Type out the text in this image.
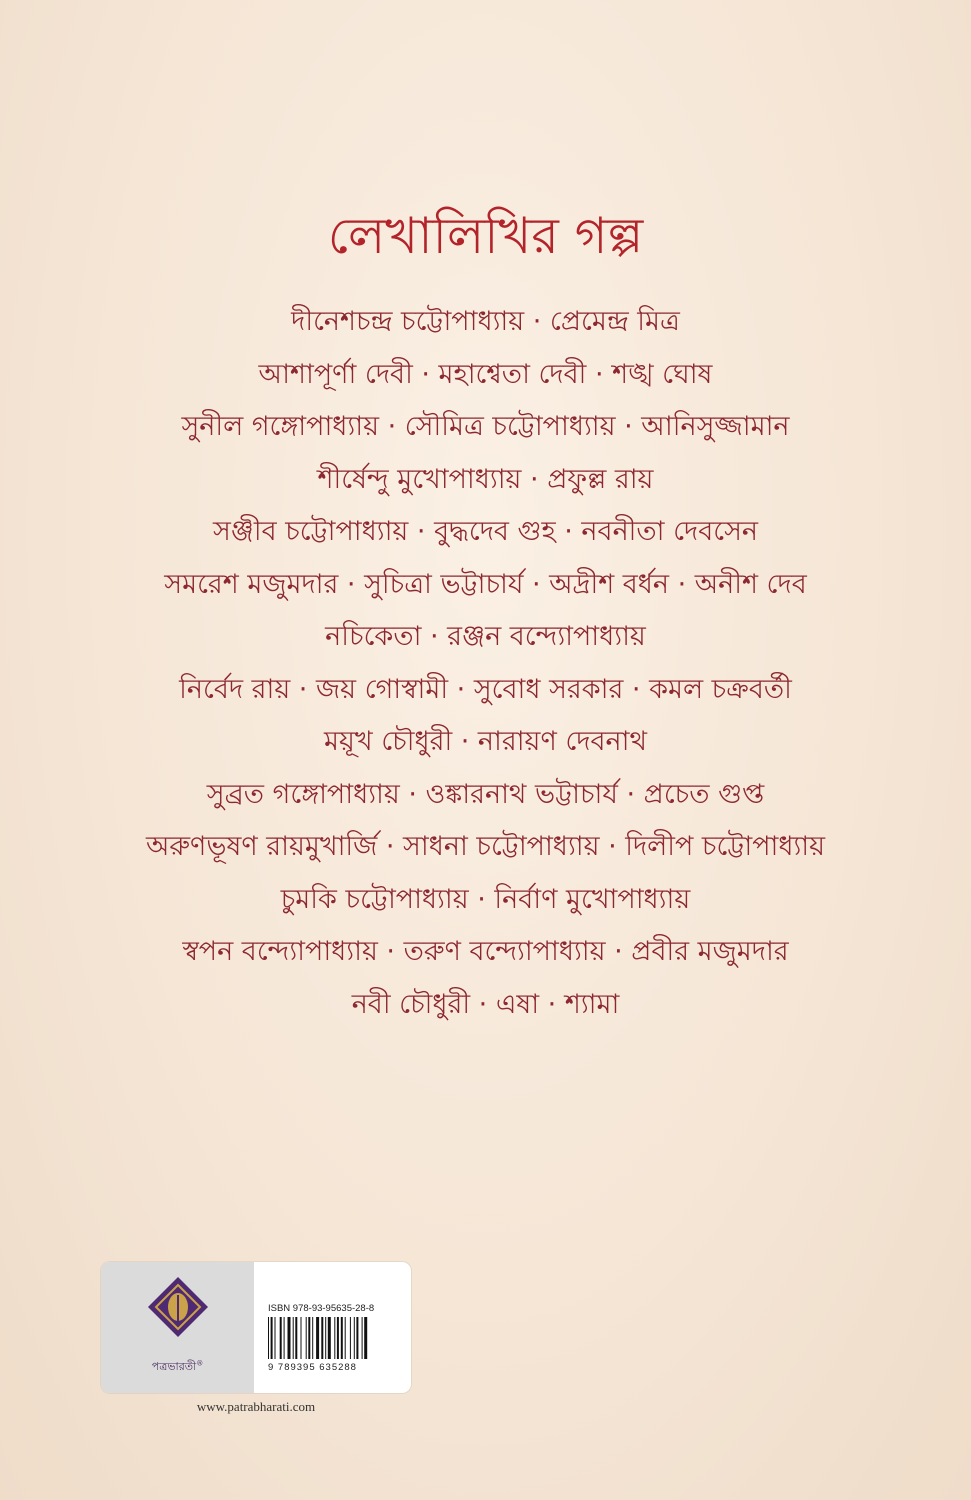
লেখালিখির গল্প
দীনেশচন্দ্র চট্টোপাধ্যায় · প্রেমেন্দ্র মিত্র
আশাপূর্ণা দেবী · মহাশ্বেতা দেবী · শঙ্খ ঘোষ
সুনীল গঙ্গোপাধ্যায় · সৌমিত্র চট্টোপাধ্যায় · আনিসুজ্জামান
শীর্ষেন্দু মুখোপাধ্যায় · প্রফুল্ল রায়
সঞ্জীব চট্টোপাধ্যায় · বুদ্ধদেব গুহ · নবনীতা দেবসেন
সমরেশ মজুমদার · সুচিত্রা ভট্টাচার্য · অদ্রীশ বর্ধন · অনীশ দেব
নচিকেতা · রঞ্জন বন্দ্যোপাধ্যায়
নির্বেদ রায় · জয় গোস্বামী · সুবোধ সরকার · কমল চক্রবর্তী
ময়ূখ চৌধুরী · নারায়ণ দেবনাথ
সুব্রত গঙ্গোপাধ্যায় · ওঙ্কারনাথ ভট্টাচার্য · প্রচেত গুপ্ত
অরুণভূষণ রায়মুখার্জি · সাধনা চট্টোপাধ্যায় · দিলীপ চট্টোপাধ্যায়
চুমকি চট্টোপাধ্যায় · নির্বাণ মুখোপাধ্যায়
স্বপন বন্দ্যোপাধ্যায় · তরুণ বন্দ্যোপাধ্যায় · প্রবীর মজুমদার
নবী চৌধুরী · এষা · শ্যামা
পত্রভারতী®
ISBN 978-93-95635-28-8
9 789395 635288
www.patrabharati.com
